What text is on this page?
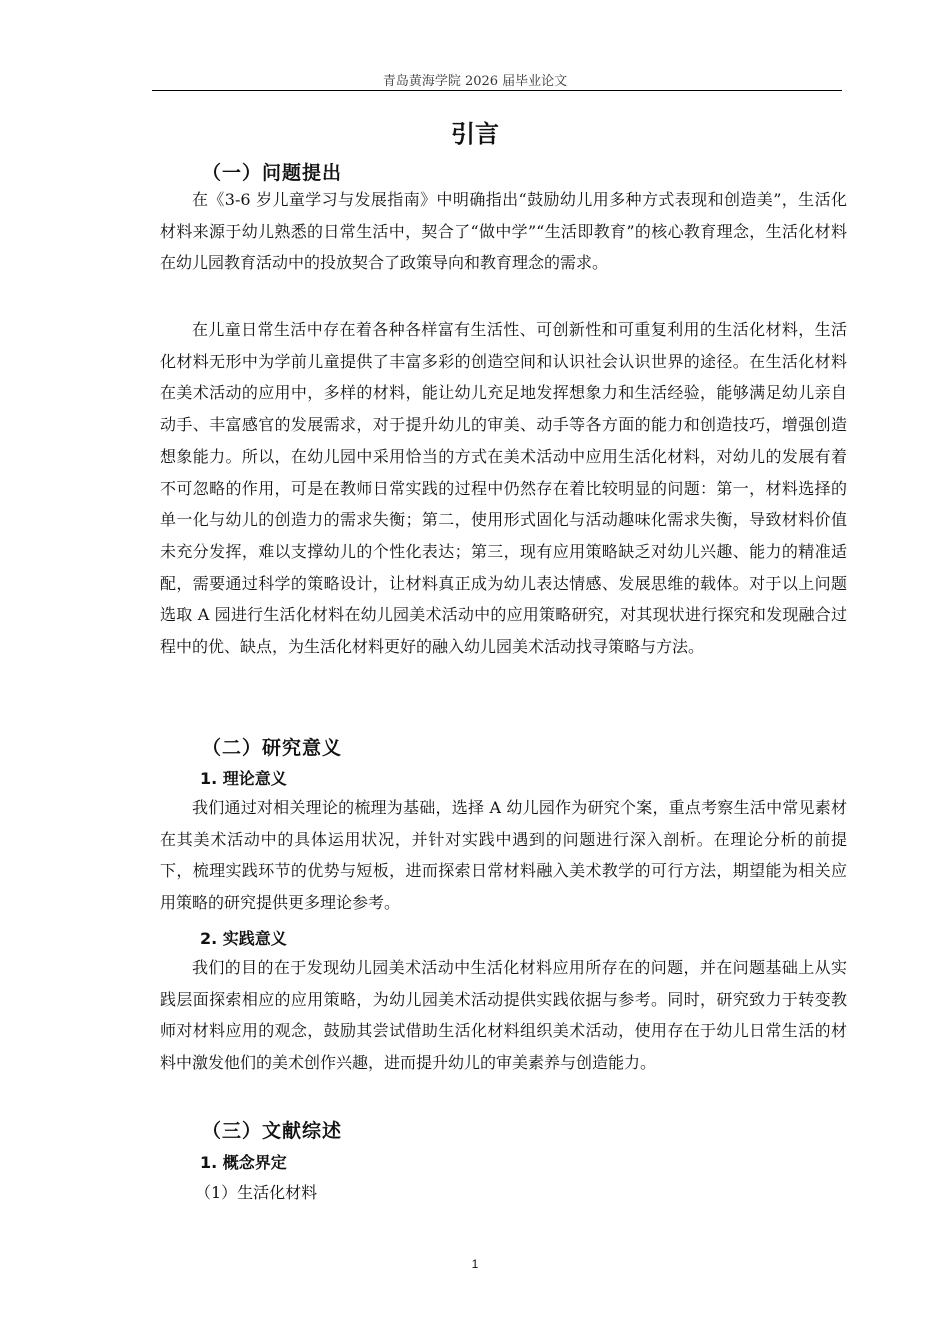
青岛黄海学院 2026 届毕业论文
引言
（一）问题提出

在《3-6 岁儿童学习与发展指南》中明确指出“鼓励幼儿用多种方式表现和创造美”，生活化材料来源于幼儿熟悉的日常生活中，契合了“做中学”“生活即教育”的核心教育理念，生活化材料在幼儿园教育活动中的投放契合了政策导向和教育理念的需求。

在儿童日常生活中存在着各种各样富有生活性、可创新性和可重复利用的生活化材料，生活化材料无形中为学前儿童提供了丰富多彩的创造空间和认识社会认识世界的途径。在生活化材料在美术活动的应用中，多样的材料，能让幼儿充足地发挥想象力和生活经验，能够满足幼儿亲自动手、丰富感官的发展需求，对于提升幼儿的审美、动手等各方面的能力和创造技巧，增强创造想象能力。所以，在幼儿园中采用恰当的方式在美术活动中应用生活化材料，对幼儿的发展有着不可忽略的作用，可是在教师日常实践的过程中仍然存在着比较明显的问题：第一，材料选择的单一化与幼儿的创造力的需求失衡；第二，使用形式固化与活动趣味化需求失衡，导致材料价值未充分发挥，难以支撑幼儿的个性化表达；第三，现有应用策略缺乏对幼儿兴趣、能力的精准适配，需要通过科学的策略设计，让材料真正成为幼儿表达情感、发展思维的载体。对于以上问题选取 A 园进行生活化材料在幼儿园美术活动中的应用策略研究，对其现状进行探究和发现融合过程中的优、缺点，为生活化材料更好的融入幼儿园美术活动找寻策略与方法。

（二）研究意义
1. 理论意义

我们通过对相关理论的梳理为基础，选择 A 幼儿园作为研究个案，重点考察生活中常见素材在其美术活动中的具体运用状况，并针对实践中遇到的问题进行深入剖析。在理论分析的前提下，梳理实践环节的优势与短板，进而探索日常材料融入美术教学的可行方法，期望能为相关应用策略的研究提供更多理论参考。

2. 实践意义

我们的目的在于发现幼儿园美术活动中生活化材料应用所存在的问题，并在问题基础上从实践层面探索相应的应用策略，为幼儿园美术活动提供实践依据与参考。同时，研究致力于转变教师对材料应用的观念，鼓励其尝试借助生活化材料组织美术活动，使用存在于幼儿日常生活的材料中激发他们的美术创作兴趣，进而提升幼儿的审美素养与创造能力。

（三）文献综述
1. 概念界定
（1）生活化材料
1
